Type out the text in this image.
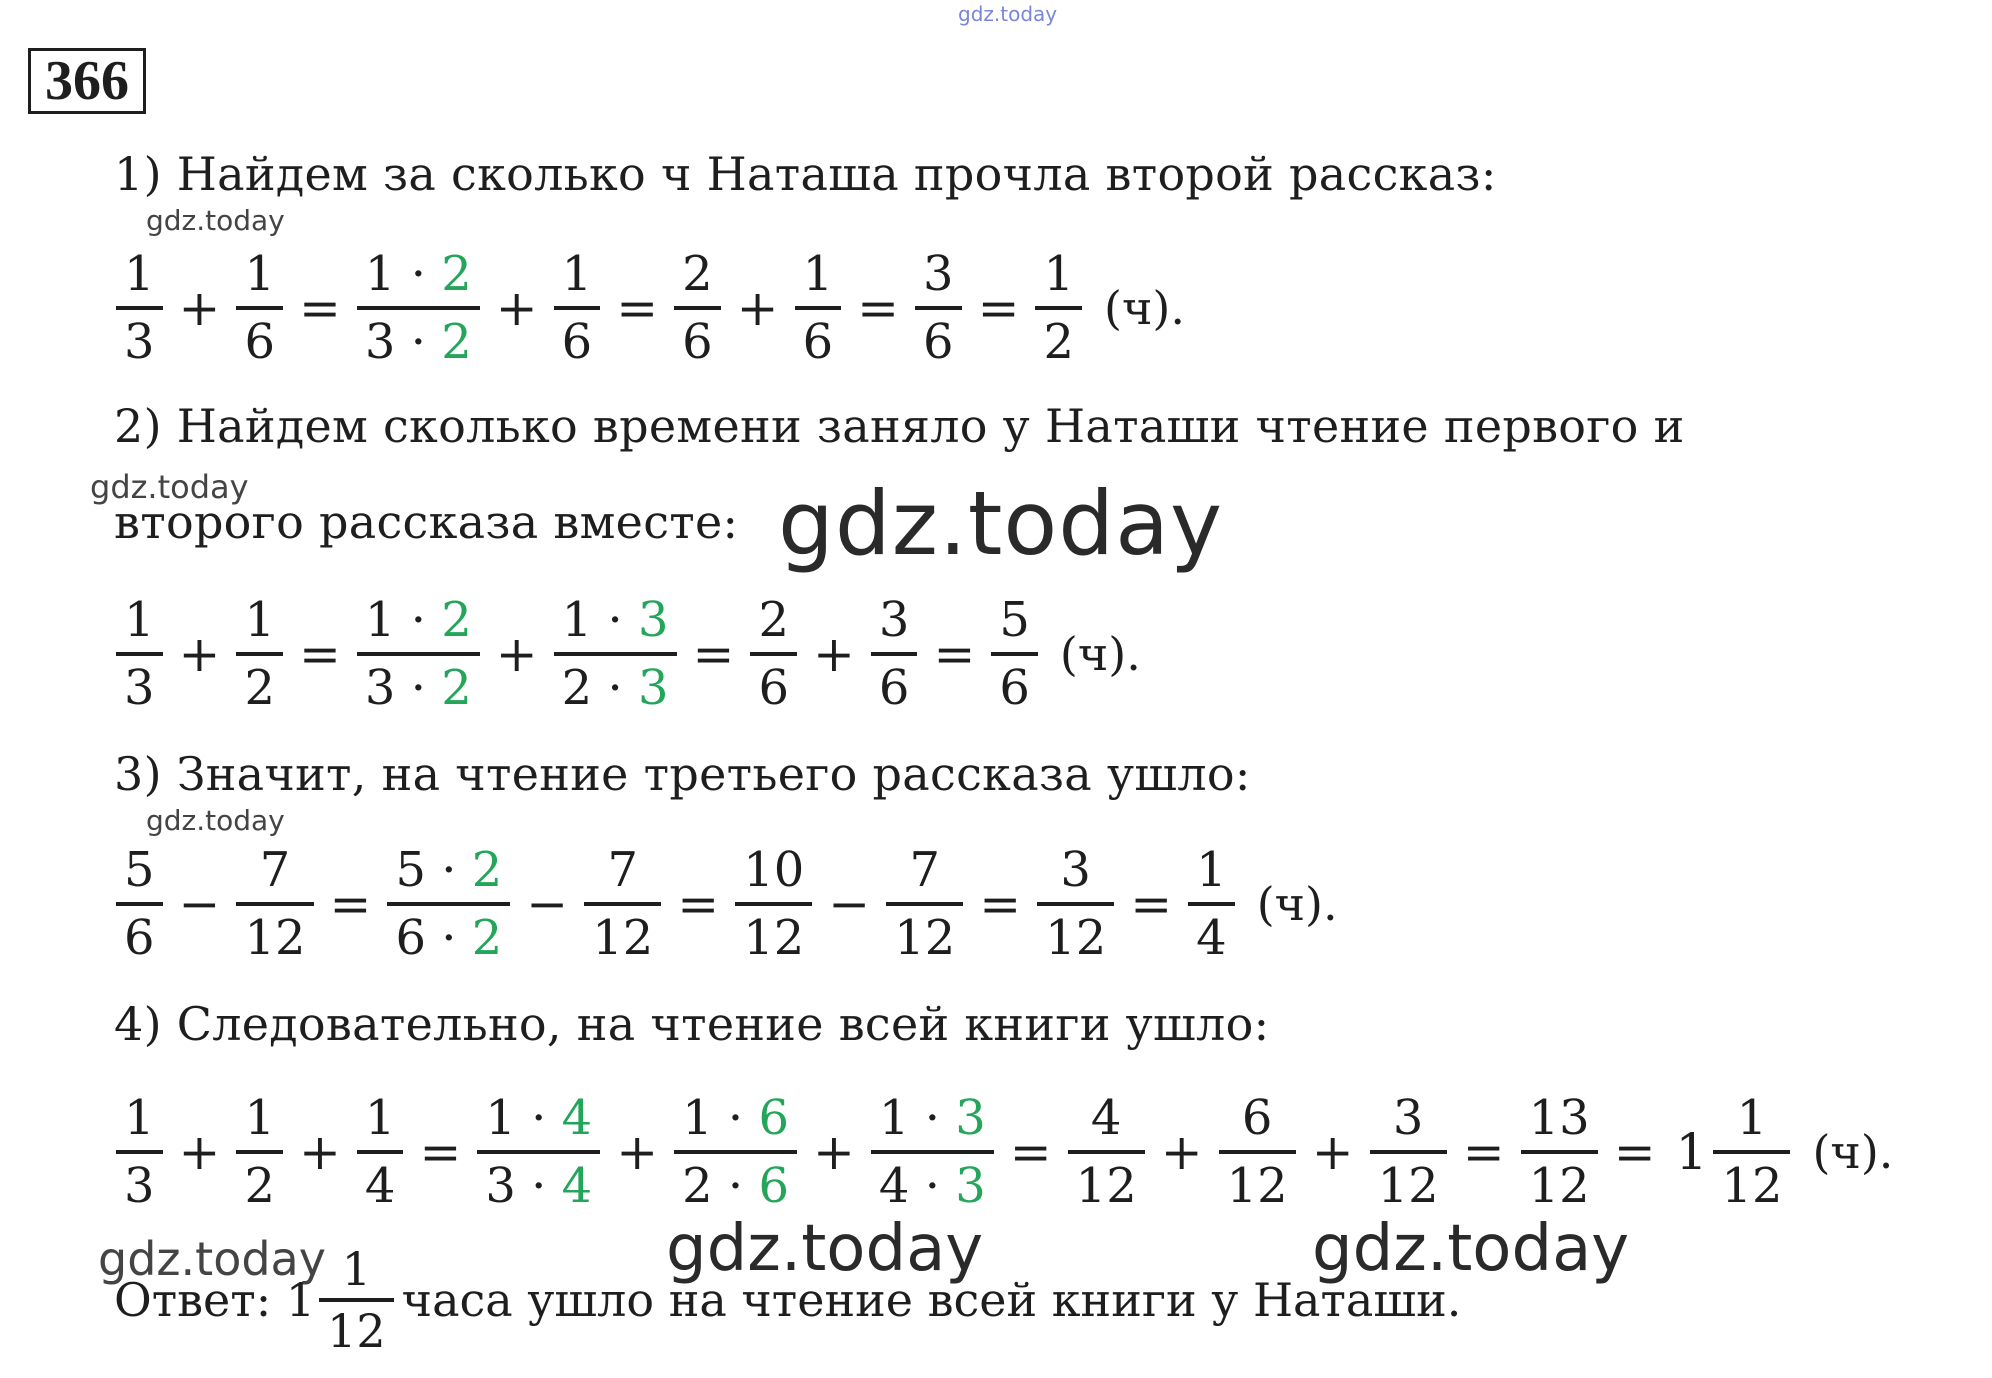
gdz.today
366
1) Найдем за сколько ч Наташа прочла второй рассказ:
gdz.today
$\frac{1}{3} + \frac{1}{6} = \frac{1 \cdot 2}{3 \cdot 2} + \frac{1}{6} = \frac{2}{6} + \frac{1}{6} = \frac{3}{6} = \frac{1}{2} (ч)$.
2) Найдем сколько времени заняло у Наташи чтение первого и
gdz.today
второго рассказа вместе: gdz.today
$\frac{1}{3} + \frac{1}{2} = \frac{1 \cdot 2}{3 \cdot 2} + \frac{1 \cdot 3}{2 \cdot 3} = \frac{2}{6} + \frac{3}{6} = \frac{5}{6} (ч)$.
3) Значит, на чтение третьего рассказа ушло:
gdz.today
$\frac{5}{6} - \frac{7}{12} = \frac{5 \cdot 2}{6 \cdot 2} - \frac{7}{12} = \frac{10}{12} - \frac{7}{12} = \frac{3}{12} = \frac{1}{4} (ч)$.
4) Следовательно, на чтение всей книги ушло:
$\frac{1}{3} + \frac{1}{2} + \frac{1}{4} = \frac{1 \cdot 4}{3 \cdot 4} + \frac{1 \cdot 6}{2 \cdot 6} + \frac{1 \cdot 3}{4 \cdot 3} = \frac{4}{12} + \frac{6}{12} + \frac{3}{12} = \frac{13}{12} = 1 \frac{1}{12} (ч)$.
gdz.today	gdz.today	gdz.today
Ответ: $1 \frac{1}{12}$ часа ушло на чтение всей книги у Наташи.
